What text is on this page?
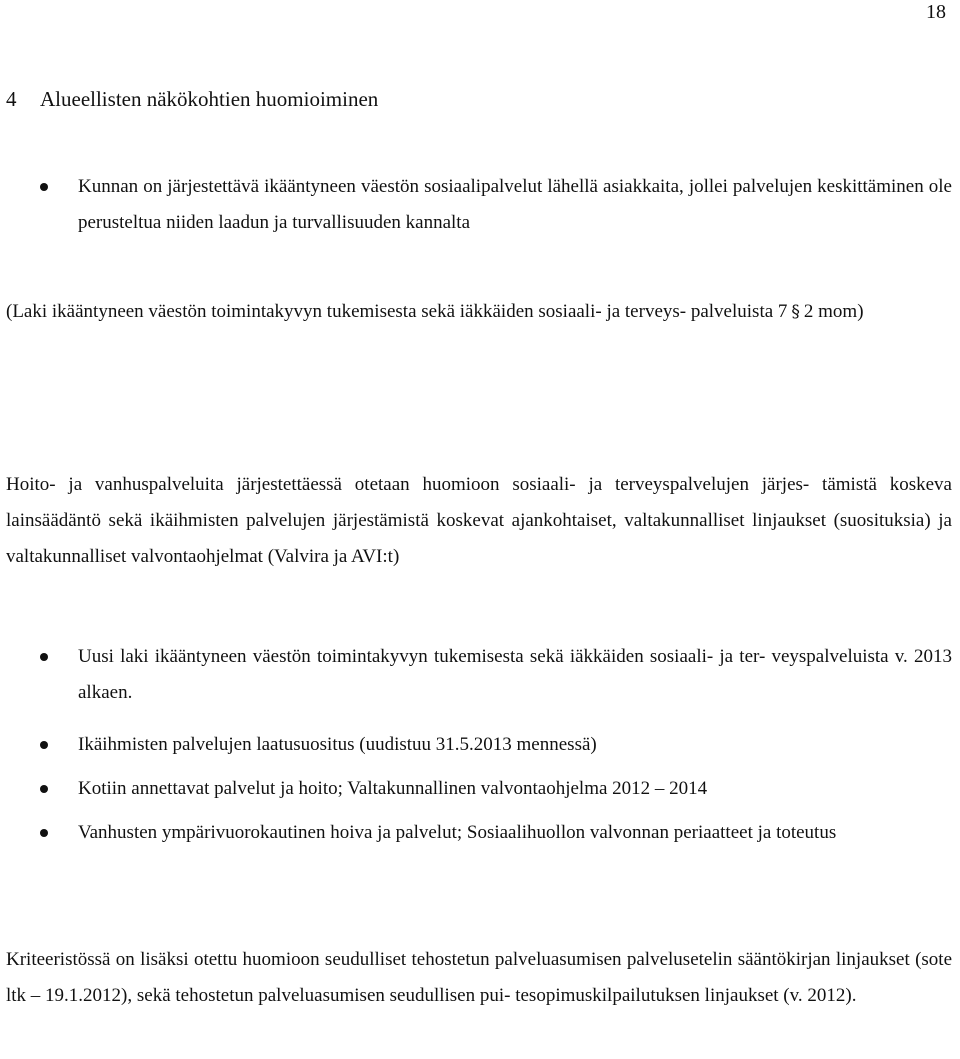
18
4 Alueellisten näkökohtien huomioiminen
Kunnan on järjestettävä ikääntyneen väestön sosiaalipalvelut lähellä asiakkaita, jollei palvelujen keskittäminen ole perusteltua niiden laadun ja turvallisuuden kannalta
(Laki ikääntyneen väestön toimintakyvyn tukemisesta sekä iäkkäiden sosiaali- ja terveys- palveluista 7 § 2 mom)
Hoito- ja vanhuspalveluita järjestettäessä otetaan huomioon sosiaali- ja terveyspalvelujen järjes- tämistä koskeva lainsäädäntö sekä ikäihmisten palvelujen järjestämistä koskevat ajankohtaiset, valtakunnalliset linjaukset (suosituksia) ja valtakunnalliset valvontaohjelmat (Valvira ja AVI:t)
Uusi laki ikääntyneen väestön toimintakyvyn tukemisesta sekä iäkkäiden sosiaali- ja ter- veyspalveluista v. 2013 alkaen.
Ikäihmisten palvelujen laatusuositus (uudistuu 31.5.2013 mennessä)
Kotiin annettavat palvelut ja hoito; Valtakunnallinen valvontaohjelma 2012 – 2014
Vanhusten ympärivuorokautinen hoiva ja palvelut; Sosiaalihuollon valvonnan periaatteet ja toteutus
Kriteeristössä on lisäksi otettu huomioon seudulliset tehostetun palveluasumisen palvelusetelin sääntökirjan linjaukset (sote ltk – 19.1.2012), sekä tehostetun palveluasumisen seudullisen pui- tesopimuskilpailutuksen linjaukset (v. 2012).
